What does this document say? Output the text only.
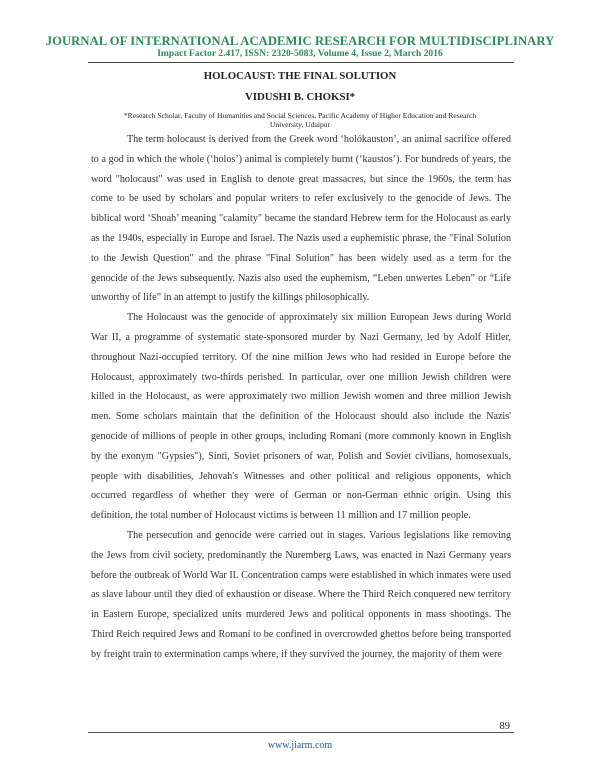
JOURNAL OF INTERNATIONAL ACADEMIC RESEARCH FOR MULTIDISCIPLINARY
Impact Factor 2.417, ISSN: 2320-5083, Volume 4, Issue 2, March 2016
HOLOCAUST: THE FINAL SOLUTION
VIDUSHI B. CHOKSI*
*Research Scholar, Faculty of Humanities and Social Sciences, Pacific Academy of Higher Education and Research University, Udaipur

The term holocaust is derived from the Greek word ‘holókauston’, an animal sacrifice offered to a god in which the whole (‘holos’) animal is completely burnt (‘kaustos’). For hundreds of years, the word "holocaust" was used in English to denote great massacres, but since the 1960s, the term has come to be used by scholars and popular writers to refer exclusively to the genocide of Jews. The biblical word ‘Shoah’ meaning "calamity" became the standard Hebrew term for the Holocaust as early as the 1940s, especially in Europe and Israel. The Nazis used a euphemistic phrase, the "Final Solution to the Jewish Question" and the phrase "Final Solution" has been widely used as a term for the genocide of the Jews subsequently. Nazis also used the euphemism, “Leben unwertes Leben” or “Life unworthy of life” in an attempt to justify the killings philosophically.

The Holocaust was the genocide of approximately six million European Jews during World War II, a programme of systematic state-sponsored murder by Nazi Germany, led by Adolf Hitler, throughout Nazi-occupied territory. Of the nine million Jews who had resided in Europe before the Holocaust, approximately two-thirds perished. In particular, over one million Jewish children were killed in the Holocaust, as were approximately two million Jewish women and three million Jewish men. Some scholars maintain that the definition of the Holocaust should also include the Nazis' genocide of millions of people in other groups, including Romani (more commonly known in English by the exonym "Gypsies"), Sinti, Soviet prisoners of war, Polish and Soviet civilians, homosexuals, people with disabilities, Jehovah's Witnesses and other political and religious opponents, which occurred regardless of whether they were of German or non-German ethnic origin. Using this definition, the total number of Holocaust victims is between 11 million and 17 million people.

The persecution and genocide were carried out in stages. Various legislations like removing the Jews from civil society, predominantly the Nuremberg Laws, was enacted in Nazi Germany years before the outbreak of World War II. Concentration camps were established in which inmates were used as slave labour until they died of exhaustion or disease. Where the Third Reich conquered new territory in Eastern Europe, specialized units murdered Jews and political opponents in mass shootings. The Third Reich required Jews and Romani to be confined in overcrowded ghettos before being transported by freight train to extermination camps where, if they survived the journey, the majority of them were

89
www.jiarm.com
